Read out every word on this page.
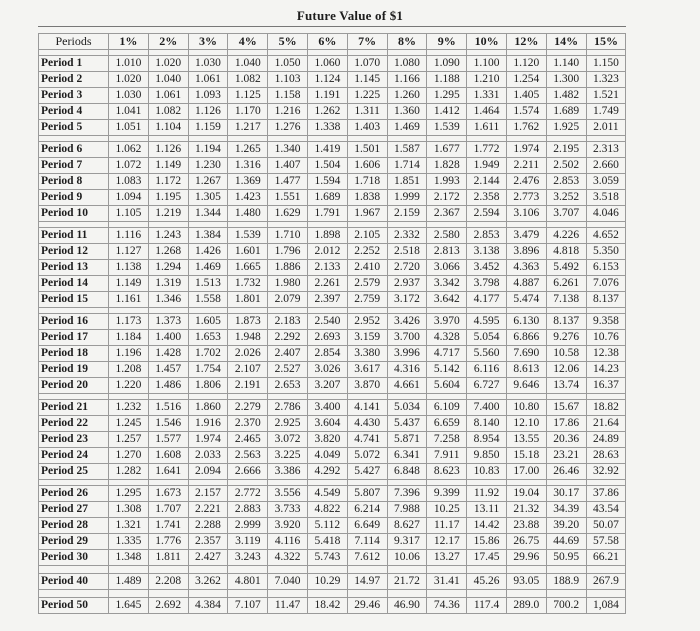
Future Value of $1
Periods	1%	2%	3%	4%	5%	6%	7%	8%	9%	10%	12%	14%	15%

Period 1	1.010	1.020	1.030	1.040	1.050	1.060	1.070	1.080	1.090	1.100	1.120	1.140	1.150
Period 2	1.020	1.040	1.061	1.082	1.103	1.124	1.145	1.166	1.188	1.210	1.254	1.300	1.323
Period 3	1.030	1.061	1.093	1.125	1.158	1.191	1.225	1.260	1.295	1.331	1.405	1.482	1.521
Period 4	1.041	1.082	1.126	1.170	1.216	1.262	1.311	1.360	1.412	1.464	1.574	1.689	1.749
Period 5	1.051	1.104	1.159	1.217	1.276	1.338	1.403	1.469	1.539	1.611	1.762	1.925	2.011

Period 6	1.062	1.126	1.194	1.265	1.340	1.419	1.501	1.587	1.677	1.772	1.974	2.195	2.313
Period 7	1.072	1.149	1.230	1.316	1.407	1.504	1.606	1.714	1.828	1.949	2.211	2.502	2.660
Period 8	1.083	1.172	1.267	1.369	1.477	1.594	1.718	1.851	1.993	2.144	2.476	2.853	3.059
Period 9	1.094	1.195	1.305	1.423	1.551	1.689	1.838	1.999	2.172	2.358	2.773	3.252	3.518
Period 10	1.105	1.219	1.344	1.480	1.629	1.791	1.967	2.159	2.367	2.594	3.106	3.707	4.046

Period 11	1.116	1.243	1.384	1.539	1.710	1.898	2.105	2.332	2.580	2.853	3.479	4.226	4.652
Period 12	1.127	1.268	1.426	1.601	1.796	2.012	2.252	2.518	2.813	3.138	3.896	4.818	5.350
Period 13	1.138	1.294	1.469	1.665	1.886	2.133	2.410	2.720	3.066	3.452	4.363	5.492	6.153
Period 14	1.149	1.319	1.513	1.732	1.980	2.261	2.579	2.937	3.342	3.798	4.887	6.261	7.076
Period 15	1.161	1.346	1.558	1.801	2.079	2.397	2.759	3.172	3.642	4.177	5.474	7.138	8.137

Period 16	1.173	1.373	1.605	1.873	2.183	2.540	2.952	3.426	3.970	4.595	6.130	8.137	9.358
Period 17	1.184	1.400	1.653	1.948	2.292	2.693	3.159	3.700	4.328	5.054	6.866	9.276	10.76
Period 18	1.196	1.428	1.702	2.026	2.407	2.854	3.380	3.996	4.717	5.560	7.690	10.58	12.38
Period 19	1.208	1.457	1.754	2.107	2.527	3.026	3.617	4.316	5.142	6.116	8.613	12.06	14.23
Period 20	1.220	1.486	1.806	2.191	2.653	3.207	3.870	4.661	5.604	6.727	9.646	13.74	16.37

Period 21	1.232	1.516	1.860	2.279	2.786	3.400	4.141	5.034	6.109	7.400	10.80	15.67	18.82
Period 22	1.245	1.546	1.916	2.370	2.925	3.604	4.430	5.437	6.659	8.140	12.10	17.86	21.64
Period 23	1.257	1.577	1.974	2.465	3.072	3.820	4.741	5.871	7.258	8.954	13.55	20.36	24.89
Period 24	1.270	1.608	2.033	2.563	3.225	4.049	5.072	6.341	7.911	9.850	15.18	23.21	28.63
Period 25	1.282	1.641	2.094	2.666	3.386	4.292	5.427	6.848	8.623	10.83	17.00	26.46	32.92

Period 26	1.295	1.673	2.157	2.772	3.556	4.549	5.807	7.396	9.399	11.92	19.04	30.17	37.86
Period 27	1.308	1.707	2.221	2.883	3.733	4.822	6.214	7.988	10.25	13.11	21.32	34.39	43.54
Period 28	1.321	1.741	2.288	2.999	3.920	5.112	6.649	8.627	11.17	14.42	23.88	39.20	50.07
Period 29	1.335	1.776	2.357	3.119	4.116	5.418	7.114	9.317	12.17	15.86	26.75	44.69	57.58
Period 30	1.348	1.811	2.427	3.243	4.322	5.743	7.612	10.06	13.27	17.45	29.96	50.95	66.21

Period 40	1.489	2.208	3.262	4.801	7.040	10.29	14.97	21.72	31.41	45.26	93.05	188.9	267.9

Period 50	1.645	2.692	4.384	7.107	11.47	18.42	29.46	46.90	74.36	117.4	289.0	700.2	1,084
